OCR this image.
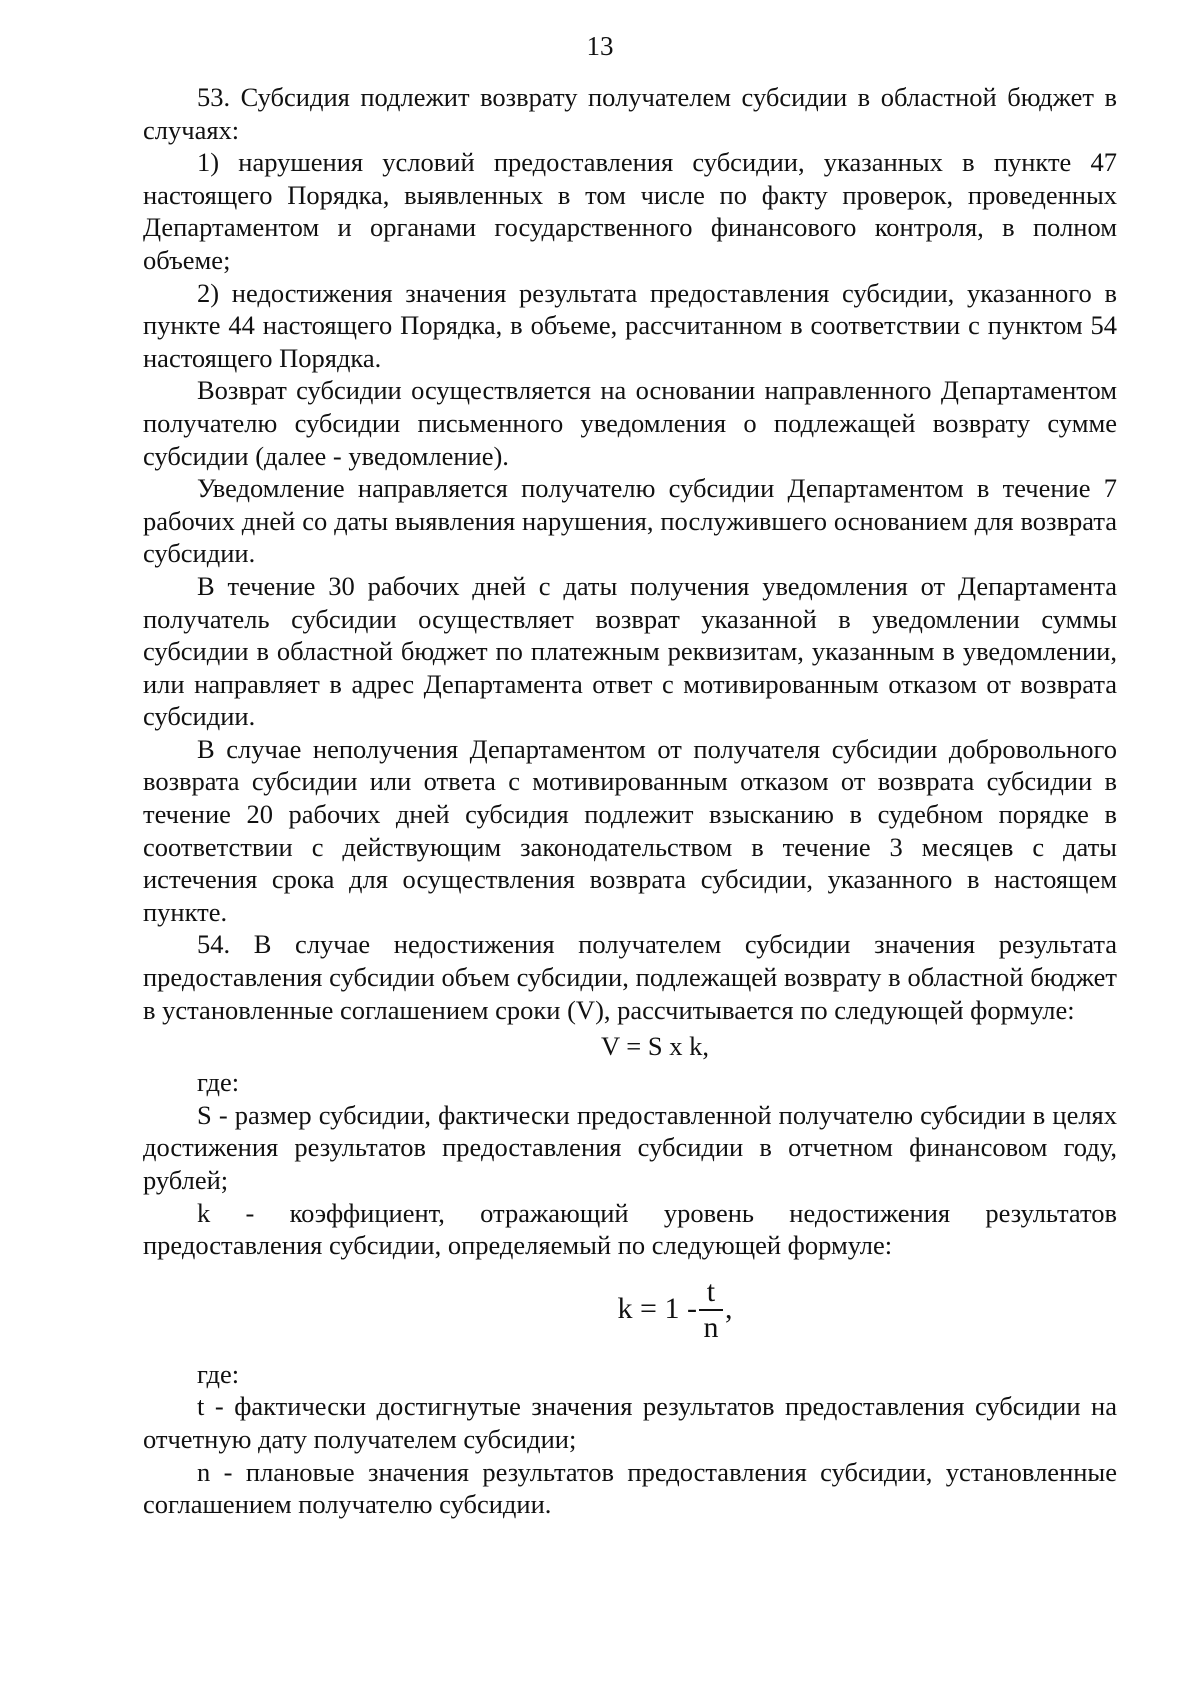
13

53. Субсидия подлежит возврату получателем субсидии в областной бюджет в случаях:

1) нарушения условий предоставления субсидии, указанных в пункте 47 настоящего Порядка, выявленных в том числе по факту проверок, проведенных Департаментом и органами государственного финансового контроля, в полном объеме;

2) недостижения значения результата предоставления субсидии, указанного в пункте 44 настоящего Порядка, в объеме, рассчитанном в соответствии с пунктом 54 настоящего Порядка.

Возврат субсидии осуществляется на основании направленного Департаментом получателю субсидии письменного уведомления о подлежащей возврату сумме субсидии (далее - уведомление).

Уведомление направляется получателю субсидии Департаментом в течение 7 рабочих дней со даты выявления нарушения, послужившего основанием для возврата субсидии.

В течение 30 рабочих дней с даты получения уведомления от Департамента получатель субсидии осуществляет возврат указанной в уведомлении суммы субсидии в областной бюджет по платежным реквизитам, указанным в уведомлении, или направляет в адрес Департамента ответ с мотивированным отказом от возврата субсидии.

В случае неполучения Департаментом от получателя субсидии добровольного возврата субсидии или ответа с мотивированным отказом от возврата субсидии в течение 20 рабочих дней субсидия подлежит взысканию в судебном порядке в соответствии с действующим законодательством в течение 3 месяцев с даты истечения срока для осуществления возврата субсидии, указанного в настоящем пункте.

54. В случае недостижения получателем субсидии значения результата предоставления субсидии объем субсидии, подлежащей возврату в областной бюджет в установленные соглашением сроки (V), рассчитывается по следующей формуле:

V = S x k,

где:

S - размер субсидии, фактически предоставленной получателю субсидии в целях достижения результатов предоставления субсидии в отчетном финансовом году, рублей;

k - коэффициент, отражающий уровень недостижения результатов предоставления субсидии, определяемый по следующей формуле:

$k = 1 - \frac{t}{n}$ ,

где:

t - фактически достигнутые значения результатов предоставления субсидии на отчетную дату получателем субсидии;

n - плановые значения результатов предоставления субсидии, установленные соглашением получателю субсидии.
